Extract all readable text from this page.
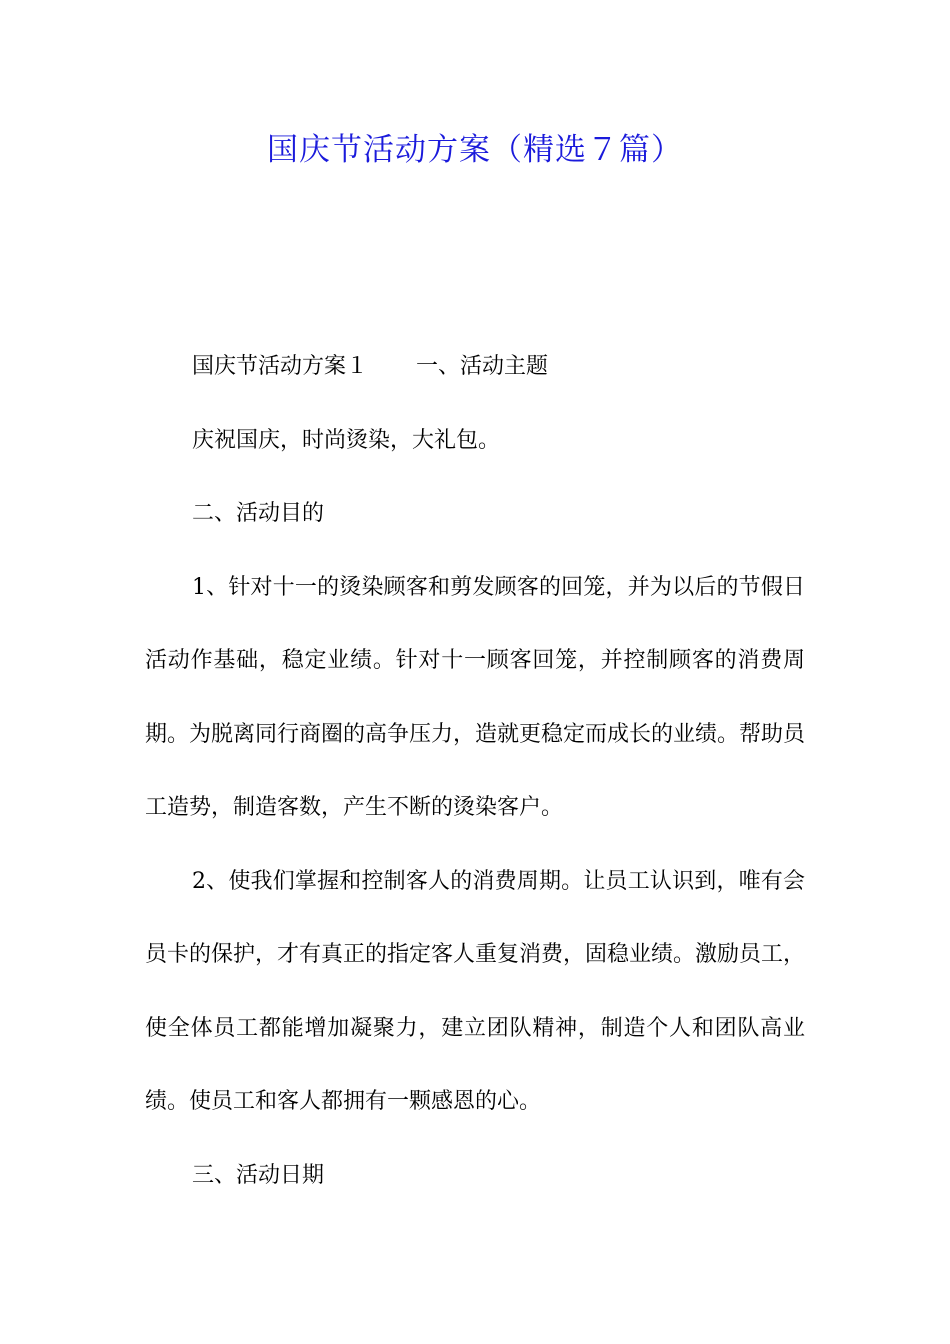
国庆节活动方案（精选７篇）

国庆节活动方案１ 一、活动主题

庆祝国庆，时尚烫染，大礼包。

二、活动目的

1、针对十一的烫染顾客和剪发顾客的回笼，并为以后的节假日活动作基础，稳定业绩。针对十一顾客回笼，并控制顾客的消费周期。为脱离同行商圈的高争压力，造就更稳定而成长的业绩。帮助员工造势，制造客数，产生不断的烫染客户。

2、使我们掌握和控制客人的消费周期。让员工认识到，唯有会员卡的保护，才有真正的指定客人重复消费，固稳业绩。激励员工，使全体员工都能增加凝聚力，建立团队精神，制造个人和团队高业绩。使员工和客人都拥有一颗感恩的心。

三、活动日期
